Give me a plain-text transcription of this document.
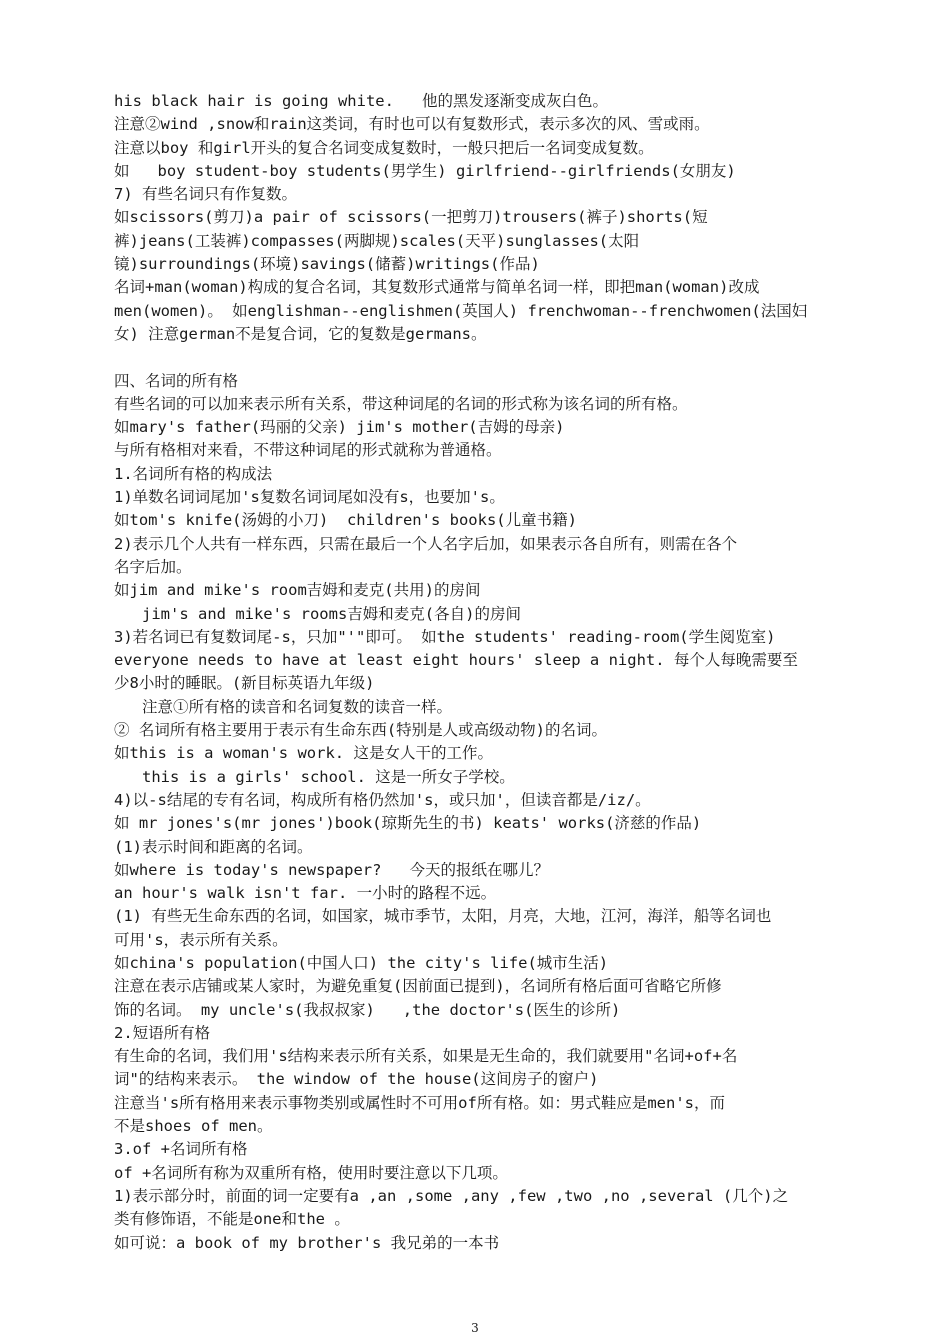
his black hair is going white.   他的黑发逐渐变成灰白色。
注意②wind ,snow和rain这类词，有时也可以有复数形式，表示多次的风、雪或雨。
注意以boy 和girl开头的复合名词变成复数时，一般只把后一名词变成复数。
如   boy student-boy students(男学生) girlfriend--girlfriends(女朋友)
7) 有些名词只有作复数。
如scissors(剪刀)a pair of scissors(一把剪刀)trousers(裤子)shorts(短
裤)jeans(工装裤)compasses(两脚规)scales(天平)sunglasses(太阳
镜)surroundings(环境)savings(储蓄)writings(作品)
名词+man(woman)构成的复合名词，其复数形式通常与简单名词一样，即把man(woman)改成
men(women)。 如englishman--englishmen(英国人) frenchwoman--frenchwomen(法国妇
女) 注意german不是复合词，它的复数是germans。
四、名词的所有格
有些名词的可以加来表示所有关系，带这种词尾的名词的形式称为该名词的所有格。
如mary's father(玛丽的父亲) jim's mother(吉姆的母亲)
与所有格相对来看，不带这种词尾的形式就称为普通格。
1.名词所有格的构成法
1)单数名词词尾加's复数名词词尾如没有s，也要加's。
如tom's knife(汤姆的小刀)  children's books(儿童书籍)
2)表示几个人共有一样东西，只需在最后一个人名字后加，如果表示各自所有，则需在各个
名字后加。
如jim and mike's room吉姆和麦克(共用)的房间
jim's and mike's rooms吉姆和麦克(各自)的房间
3)若名词已有复数词尾-s，只加"'"即可。 如the students' reading-room(学生阅览室)
everyone needs to have at least eight hours' sleep a night. 每个人每晚需要至
少8小时的睡眠。(新目标英语九年级)
注意①所有格的读音和名词复数的读音一样。
② 名词所有格主要用于表示有生命东西(特别是人或高级动物)的名词。
如this is a woman's work. 这是女人干的工作。
this is a girls' school. 这是一所女子学校。
4)以-s结尾的专有名词，构成所有格仍然加's，或只加'，但读音都是/iz/。
如 mr jones's(mr jones')book(琼斯先生的书) keats' works(济慈的作品)
(1)表示时间和距离的名词。
如where is today's newspaper?   今天的报纸在哪儿？
an hour's walk isn't far. 一小时的路程不远。
(1) 有些无生命东西的名词，如国家，城市季节，太阳，月亮，大地，江河，海洋，船等名词也
可用's，表示所有关系。
如china's population(中国人口) the city's life(城市生活)
注意在表示店铺或某人家时，为避免重复(因前面已提到)，名词所有格后面可省略它所修
饰的名词。 my uncle's(我叔叔家)   ,the doctor's(医生的诊所)
2.短语所有格
有生命的名词，我们用's结构来表示所有关系，如果是无生命的，我们就要用"名词+of+名
词"的结构来表示。 the window of the house(这间房子的窗户)
注意当's所有格用来表示事物类别或属性时不可用of所有格。如：男式鞋应是men's，而
不是shoes of men。
3.of +名词所有格
of +名词所有称为双重所有格，使用时要注意以下几项。
1)表示部分时，前面的词一定要有a ,an ,some ,any ,few ,two ,no ,several (几个)之
类有修饰语，不能是one和the 。
如可说：a book of my brother's 我兄弟的一本书
3
